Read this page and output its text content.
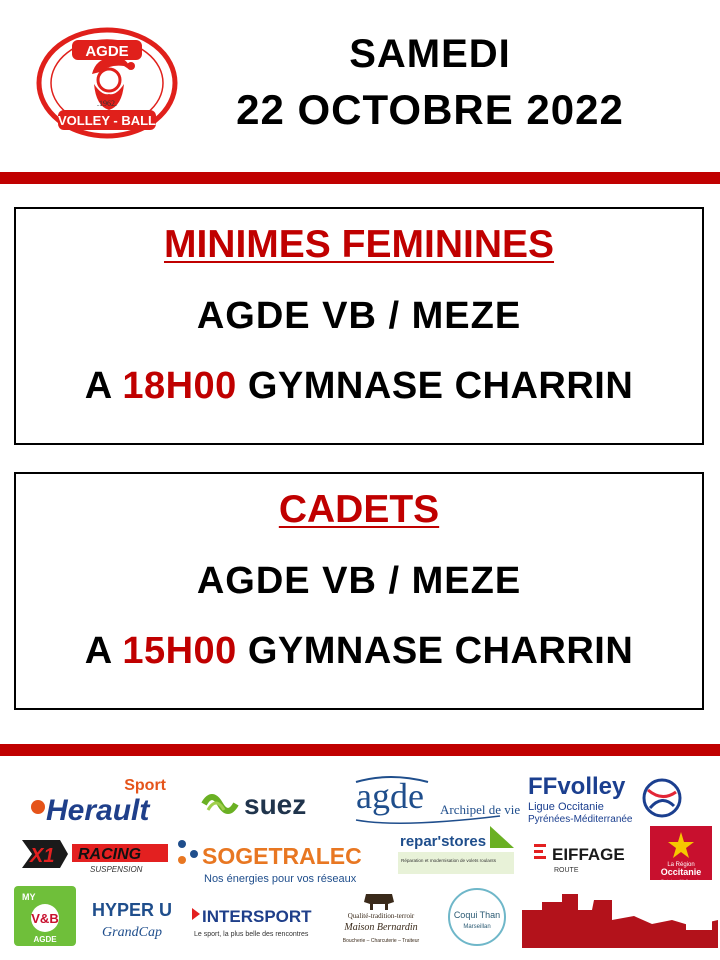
.1962.
AGDE
VOLLEY - BALL
SAMEDI
22 OCTOBRE 2022
MINIMES FEMININES
AGDE VB / MEZE
A 18H00 GYMNASE CHARRIN
CADETS
AGDE VB / MEZE
A 15H00 GYMNASE CHARRIN
Sport
Herault	suez agde Archipel de vie
FFvolley
Ligue Occitanie
Pyrénées-Méditerranée
X1 RACING
SUSPENSION
SOGETRALEC
Nos énergies pour vos réseaux
repar'stores
Réparation et modernisation de volets roulants	EIFFAGE
ROUTE
La Région
Occitanie
MY
V&B
AGDE
HYPER U
GrandCap
INTERSPORT
Le sport, la plus belle des rencontres
Qualité-tradition-terroir
Maison Bernardin
Boucherie – Charcuterie – Traiteur
Coqui Than
Marseillan
